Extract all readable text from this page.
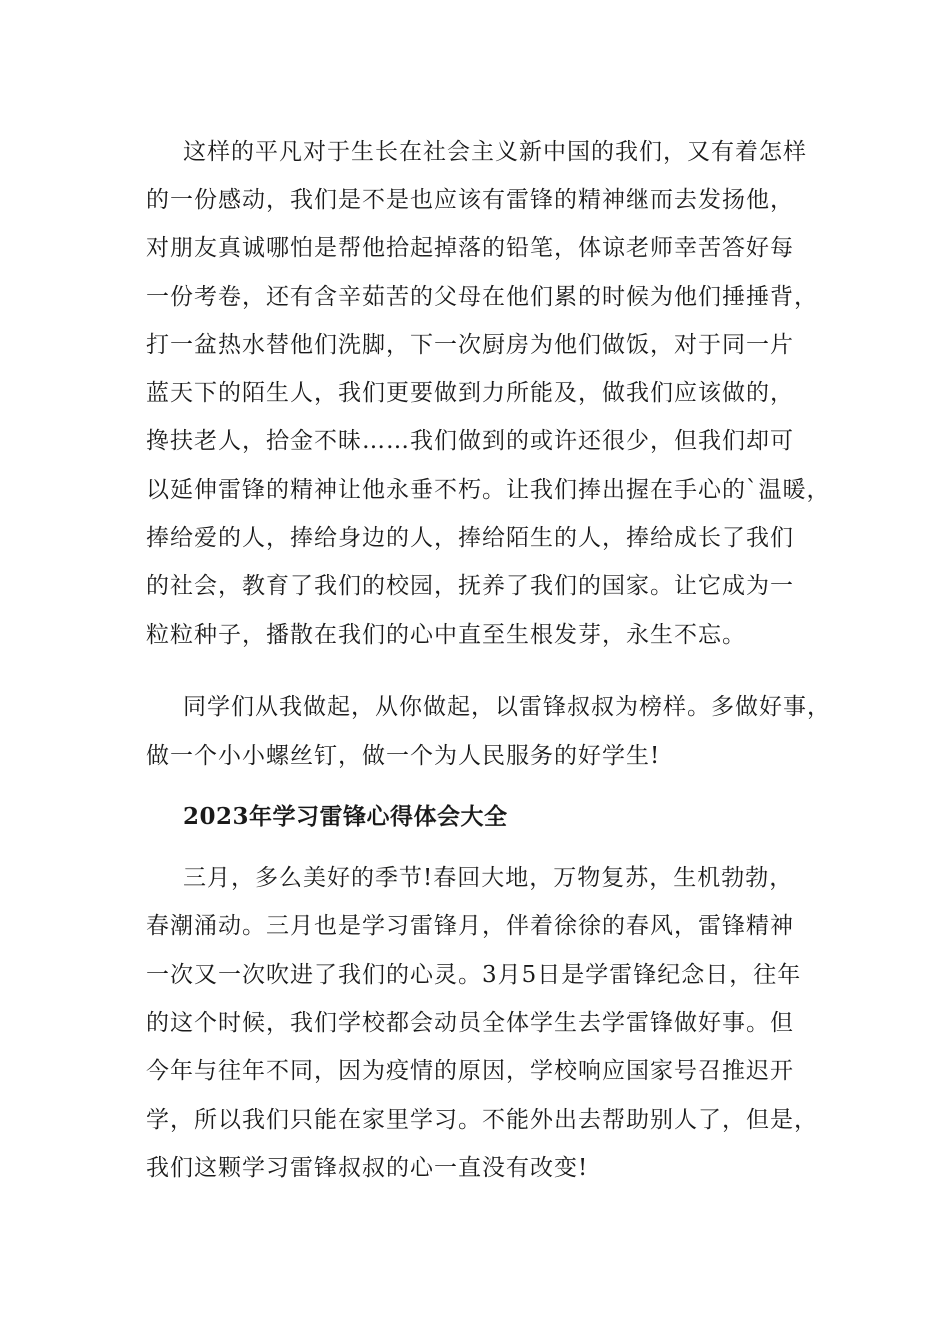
这样的平凡对于生长在社会主义新中国的我们，又有着怎样
的一份感动，我们是不是也应该有雷锋的精神继而去发扬他，
对朋友真诚哪怕是帮他拾起掉落的铅笔，体谅老师幸苦答好每
一份考卷，还有含辛茹苦的父母在他们累的时候为他们捶捶背，
打一盆热水替他们洗脚，下一次厨房为他们做饭，对于同一片
蓝天下的陌生人，我们更要做到力所能及，做我们应该做的，
搀扶老人，拾金不昧……我们做到的或许还很少，但我们却可
以延伸雷锋的精神让他永垂不朽。让我们捧出握在手心的`温暖，
捧给爱的人，捧给身边的人，捧给陌生的人，捧给成长了我们
的社会，教育了我们的校园，抚养了我们的国家。让它成为一
粒粒种子，播散在我们的心中直至生根发芽，永生不忘。
同学们从我做起，从你做起，以雷锋叔叔为榜样。多做好事，
做一个小小螺丝钉，做一个为人民服务的好学生!
2023年学习雷锋心得体会大全
三月，多么美好的季节!春回大地，万物复苏，生机勃勃，
春潮涌动。三月也是学习雷锋月，伴着徐徐的春风，雷锋精神
一次又一次吹进了我们的心灵。3月5日是学雷锋纪念日，往年
的这个时候，我们学校都会动员全体学生去学雷锋做好事。但
今年与往年不同，因为疫情的原因，学校响应国家号召推迟开
学，所以我们只能在家里学习。不能外出去帮助别人了，但是，
我们这颗学习雷锋叔叔的心一直没有改变!
